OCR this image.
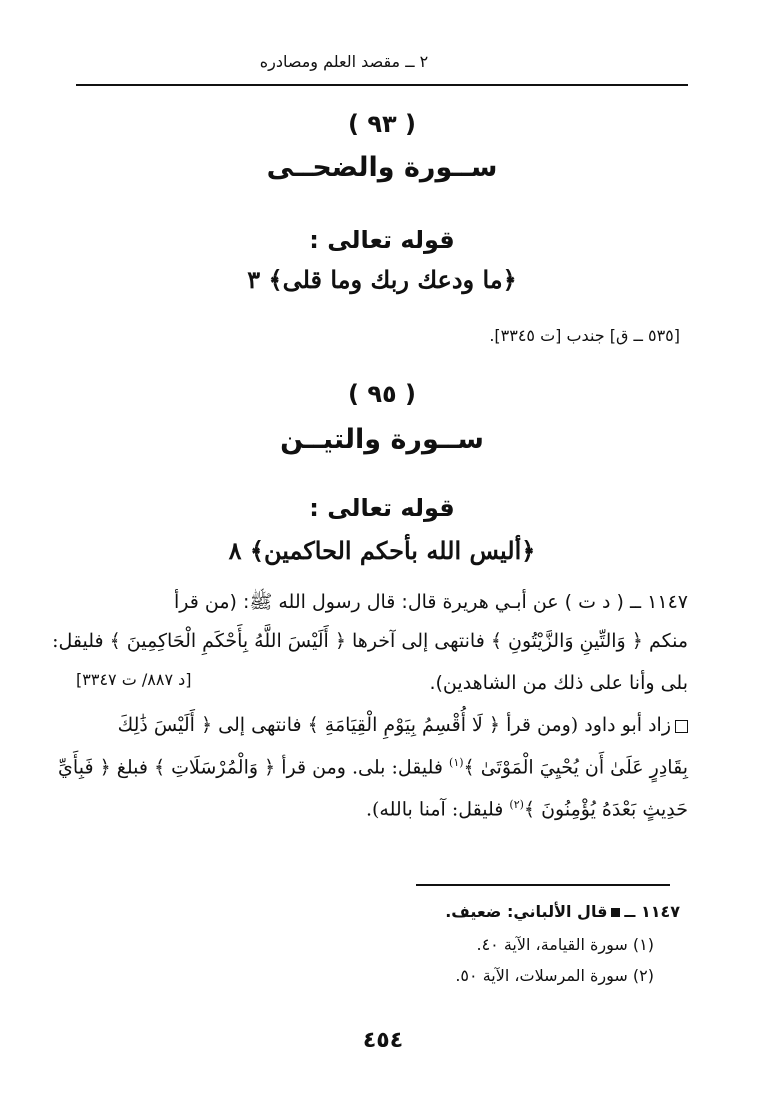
٢ ــ مقصد العلم ومصادره
( ٩٣ )
ســورة والضحــى
قوله تعالى :
﴿ما ودعك ربك وما قلى﴾ ٣
[٥٣٥ ــ ق] جندب [ت ٣٣٤٥].
( ٩٥ )
ســورة والتيــن
قوله تعالى :
﴿أليس الله بأحكم الحاكمين﴾ ٨
١١٤٧ ــ ( د ت ) عن أبـي هريرة قال: قال رسول الله ﷺ: (من قرأ
منكم ﴿ وَالتِّينِ وَالزَّيْتُونِ ﴾ فانتهى إلى آخرها ﴿ أَلَيْسَ اللَّهُ بِأَحْكَمِ الْحَاكِمِينَ ﴾ فليقل:
بلى وأنا على ذلك من الشاهدين).
[د ٨٨٧/ ت ٣٣٤٧]
زاد أبو داود (ومن قرأ ﴿ لَا أُقْسِمُ بِيَوْمِ الْقِيَامَةِ ﴾ فانتهى إلى ﴿ أَلَيْسَ ذَٰلِكَ
بِقَادِرٍ عَلَىٰ أَن يُحْيِيَ الْمَوْتَىٰ ﴾$^{(١)}$ فليقل: بلى. ومن قرأ ﴿ وَالْمُرْسَلَاتِ ﴾ فبلغ ﴿ فَبِأَيِّ
حَدِيثٍ بَعْدَهُ يُؤْمِنُونَ ﴾$^{(٢)}$ فليقل: آمنا بالله).
١١٤٧ ــقال الألباني: ضعيف.
(١) سورة القيامة، الآية ٤٠.
(٢) سورة المرسلات، الآية ٥٠.
٤٥٤
